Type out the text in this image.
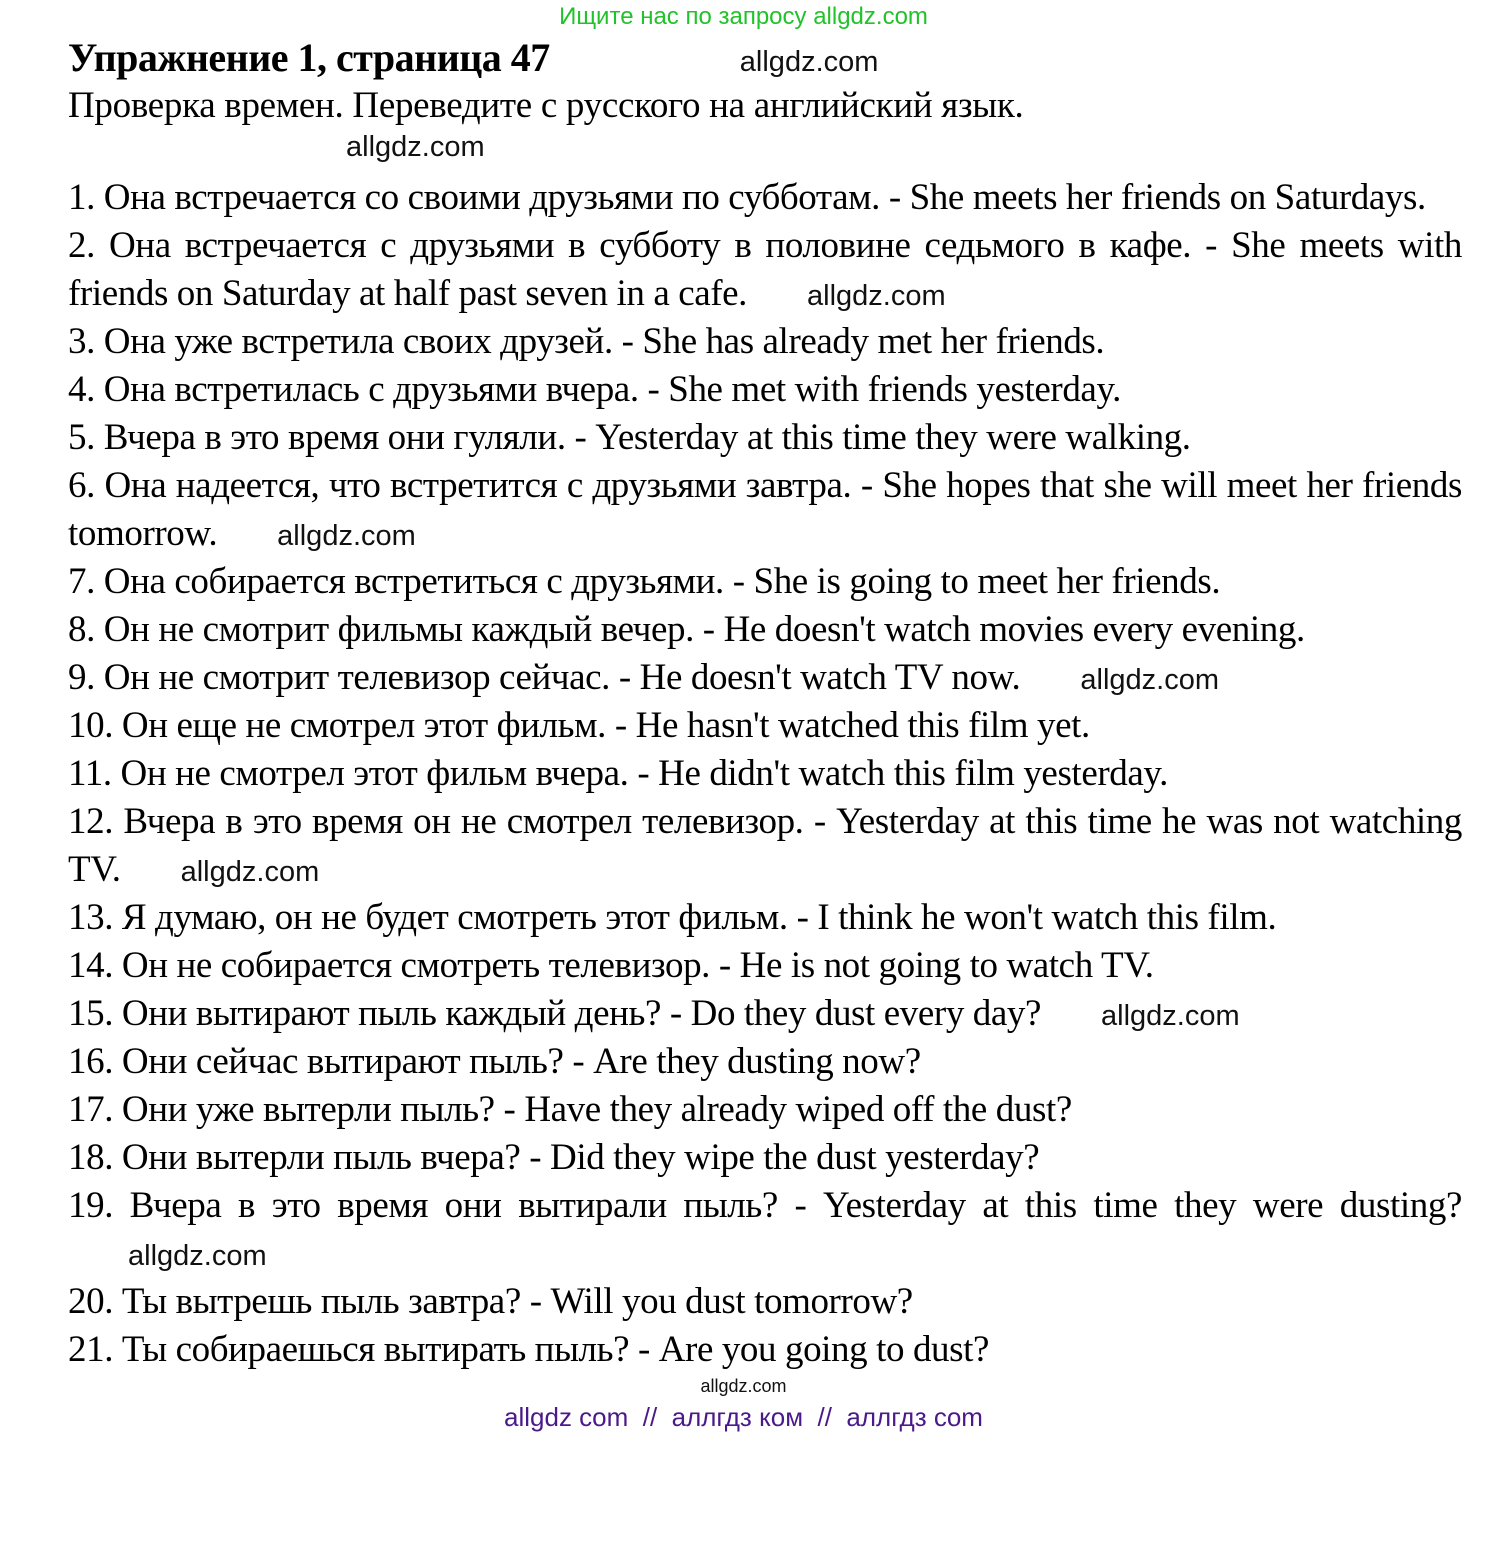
Ищите нас по запросу allgdz.com
Упражнение 1, страница 47	allgdz.com
Проверка времен. Переведите с русского на английский язык.
allgdz.com
1. Она встречается со своими друзьями по субботам. - She meets her friends on Saturdays.
2. Она встречается с друзьями в субботу в половине седьмого в кафе. - She meets with friends on Saturday at half past seven in a cafe. allgdz.com
3. Она уже встретила своих друзей. - She has already met her friends.
4. Она встретилась с друзьями вчера. - She met with friends yesterday.
5. Вчера в это время они гуляли. - Yesterday at this time they were walking.
6. Она надеется, что встретится с друзьями завтра. - She hopes that she will meet her friends tomorrow. allgdz.com
7. Она собирается встретиться с друзьями. - She is going to meet her friends.
8. Он не смотрит фильмы каждый вечер. - He doesn't watch movies every evening.
9. Он не смотрит телевизор сейчас. - He doesn't watch TV now. allgdz.com
10. Он еще не смотрел этот фильм. - He hasn't watched this film yet.
11. Он не смотрел этот фильм вчера. - He didn't watch this film yesterday.
12. Вчера в это время он не смотрел телевизор. - Yesterday at this time he was not watching TV. allgdz.com
13. Я думаю, он не будет смотреть этот фильм. - I think he won't watch this film.
14. Он не собирается смотреть телевизор. - He is not going to watch TV.
15. Они вытирают пыль каждый день? - Do they dust every day? allgdz.com
16. Они сейчас вытирают пыль? - Are they dusting now?
17. Они уже вытерли пыль? - Have they already wiped off the dust?
18. Они вытерли пыль вчера? - Did they wipe the dust yesterday?
19. Вчера в это время они вытирали пыль? - Yesterday at this time they were dusting?allgdz.com
20. Ты вытрешь пыль завтра? - Will you dust tomorrow?
21. Ты собираешься вытирать пыль? - Are you going to dust?
allgdz.com
allgdz com  //  аллгдз ком  //  аллгдз com
